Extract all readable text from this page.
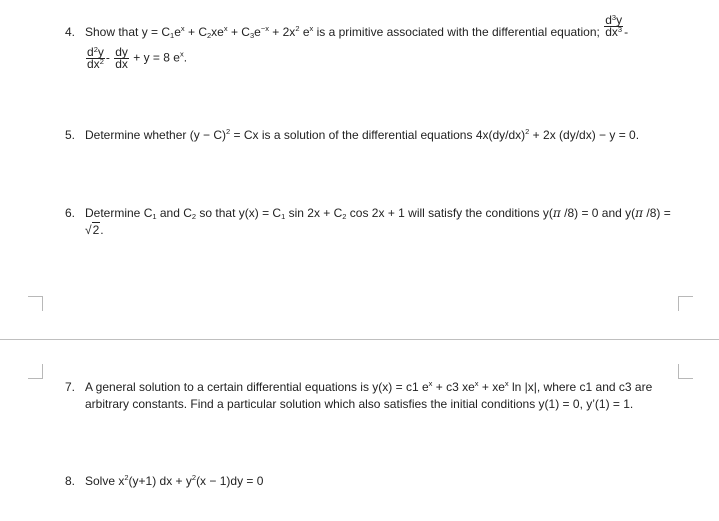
4. Show that $y = C_1e^x + C_2xe^x + C_3e^{-x} + 2x^2$ $e^x$ is a primitive associated with the differential equation; $\frac{d^3y}{dx^3}$ -
$\frac{d^2y}{dx^2} - \frac{dy}{dx} + y = 8$ $e^x$.
5. Determine whether $(y - C)^2 = Cx$ is a solution of the differential equations $4x(dy/dx)^2 + 2x$ (dy/dx) − y = 0.
6. Determine $C_1$ and $C_2$ so that $y(x) = C_1$ $\sin 2x + C_2$ cos 2x + 1 will satisfy the conditions y(π /8) = 0 and y(π /8) = √2.
7. A general solution to a certain differential equations is y(x) = c1 $e^x + c3$ $xe^x + xe^x$ ln |x|, where c1 and c3 are arbitrary constants. Find a particular solution which also satisfies the initial conditions y(1) = 0, y’(1) = 1.
8. Solve $x^2(y+1)$ dx + $y^2(x - 1)dy = 0$
